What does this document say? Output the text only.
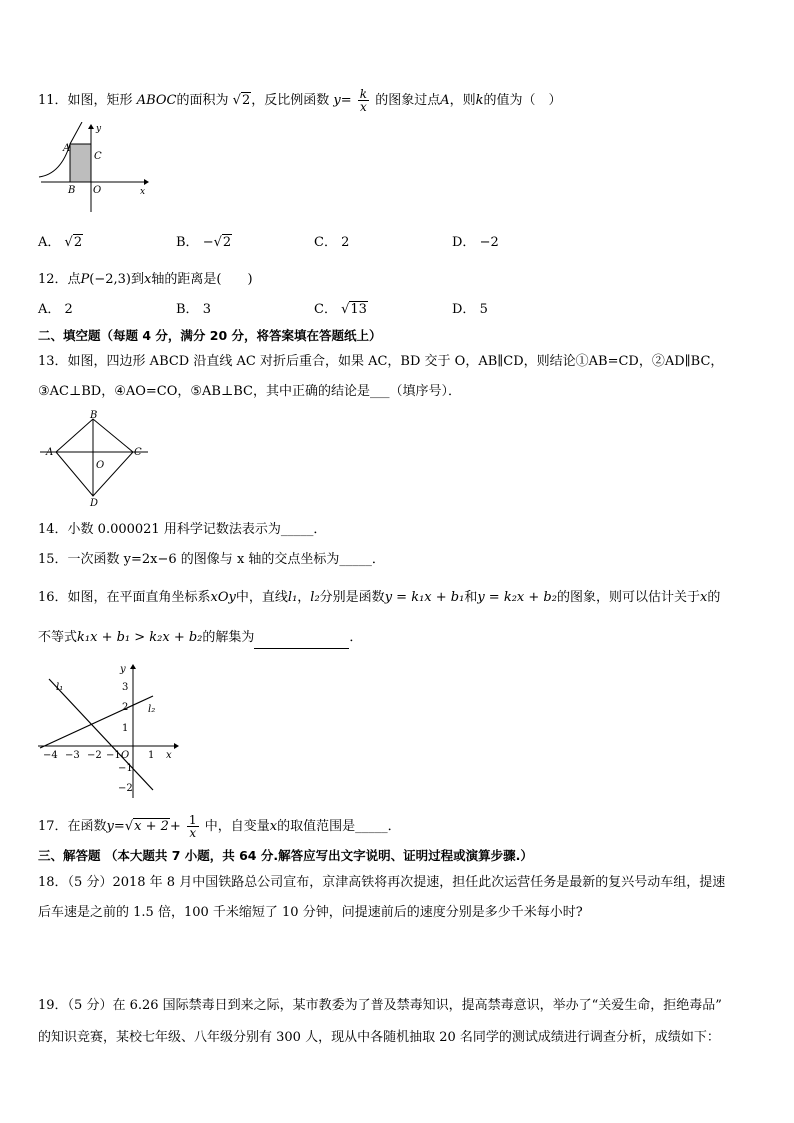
11．如图，矩形 ABOC的面积为 √2，反比例函数 $y= \frac{k}{x}$ 的图象过点A，则k的值为（　）
A
C
B O	x
y
A． √2	B． −√2	C． 2	D． −2
12．点P(−2,3)到x轴的距离是(　　)
A． 2	B． 3	C． √13	D． 5
二、填空题（每题 4 分，满分 20 分，将答案填在答题纸上）
13．如图，四边形 ABCD 沿直线 AC 对折后重合，如果 AC，BD 交于 O，AB∥CD，则结论①AB=CD，②AD∥BC，
③AC⊥BD，④AO=CO，⑤AB⊥BC，其中正确的结论是___（填序号）．
A
B
C
D
O
14．小数 0.000021 用科学记数法表示为_____．
15．一次函数 y=2x−6 的图像与 x 轴的交点坐标为_____．
16．如图，在平面直角坐标系xOy中，直线l₁，l₂分别是函数y = k₁x + b₁和y = k₂x + b₂的图象，则可以估计关于x的
不等式k₁x + b₁ > k₂x + b₂的解集为	．
l₁
l₂
y
x
O
−4 −3 −2 −1	1
3
2
1
−1
−2
17．在函数$y=√x + 2+ \frac{1}{x}$ 中，自变量x的取值范围是_____．
三、解答题 （本大题共 7 小题，共 64 分.解答应写出文字说明、证明过程或演算步骤.）
18．（5 分）2018 年 8 月中国铁路总公司宣布，京津高铁将再次提速，担任此次运营任务是最新的复兴号动车组，提速
后车速是之前的 1.5 倍，100 千米缩短了 10 分钟，问提速前后的速度分别是多少千米每小时?
19．（5 分）在 6.26 国际禁毒日到来之际，某市教委为了普及禁毒知识，提高禁毒意识，举办了“关爱生命，拒绝毒品”
的知识竞赛，某校七年级、八年级分别有 300 人，现从中各随机抽取 20 名同学的测试成绩进行调查分析，成绩如下：
